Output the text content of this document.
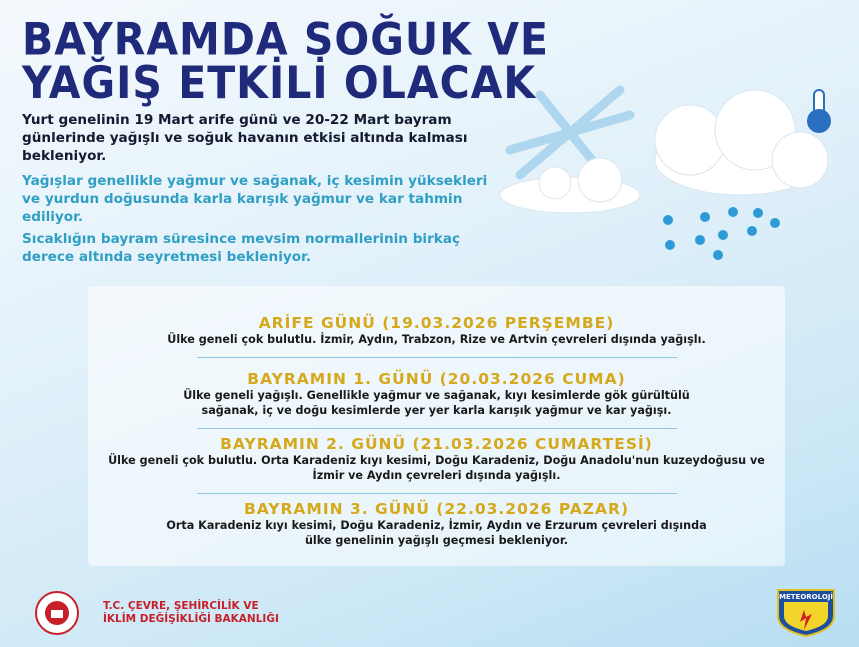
BAYRAMDA SOĞUK VE
YAĞIŞ ETKİLİ OLACAK
Yurt genelinin 19 Mart arife günü ve 20-22 Mart bayram günlerinde yağışlı ve soğuk havanın etkisi altında kalması bekleniyor.
Yağışlar genellikle yağmur ve sağanak, iç kesimin yüksekleri ve yurdun doğusunda karla karışık yağmur ve kar tahmin ediliyor.
Sıcaklığın bayram süresince mevsim normallerinin birkaç derece altında seyretmesi bekleniyor.
ARİFE GÜNÜ (19.03.2026 PERŞEMBE)

Ülke geneli çok bulutlu. İzmir, Aydın, Trabzon, Rize ve Artvin çevreleri dışında yağışlı.

BAYRAMIN 1. GÜNÜ (20.03.2026 CUMA)

Ülke geneli yağışlı. Genellikle yağmur ve sağanak, kıyı kesimlerde gök gürültülü sağanak, iç ve doğu kesimlerde yer yer karla karışık yağmur ve kar yağışı.

BAYRAMIN 2. GÜNÜ (21.03.2026 CUMARTESİ)

Ülke geneli çok bulutlu. Orta Karadeniz kıyı kesimi, Doğu Karadeniz, Doğu Anadolu'nun kuzeydoğusu ve İzmir ve Aydın çevreleri dışında yağışlı.

BAYRAMIN 3. GÜNÜ (22.03.2026 PAZAR)

Orta Karadeniz kıyı kesimi, Doğu Karadeniz, İzmir, Aydın ve Erzurum çevreleri dışında ülke genelinin yağışlı geçmesi bekleniyor.

T.C. ÇEVRE, ŞEHİRCİLİK VE
İKLİM DEĞİŞİKLİĞİ BAKANLIĞI
METEOROLOJİ
